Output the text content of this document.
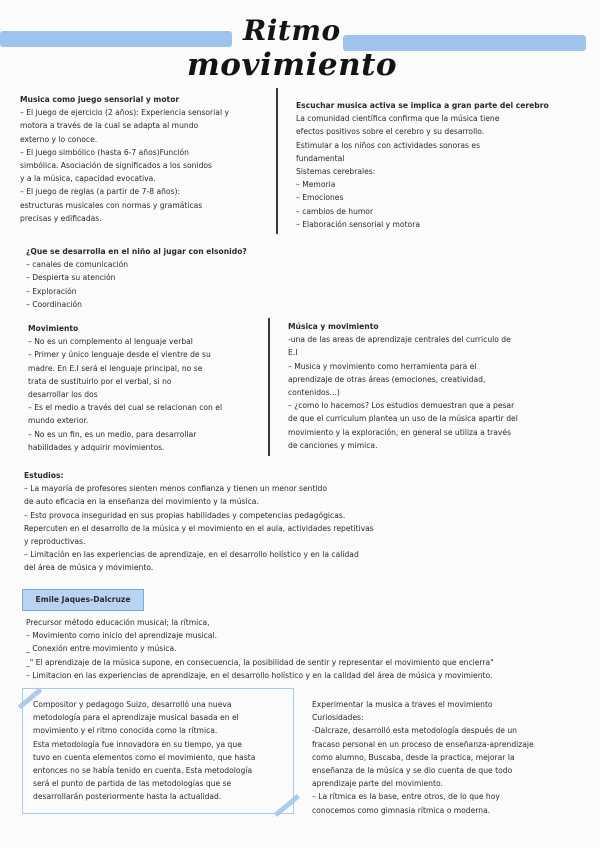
Ritmo
movimiento
Musica como juego sensorial y motor
– El juego de ejercicio (2 años): Experiencia sensorial y
motora a través de la cual se adapta al mundo
externo y lo conoce.
– El juego simbólico (hasta 6-7 años)Función
simbólica. Asociación de significados a los sonidos
y a la música, capacidad evocativa.
– El juego de reglas (a partir de 7-8 años):
estructuras musicales con normas y gramáticas
precisas y edificadas.
Escuchar musica activa se implica a gran parte del cerebro
La comunidad científica confirma que la música tiene
efectos positivos sobre el cerebro y su desarrollo.
Estimular a los niños con actividades sonoras es
fundamental
Sistemas cerebrales:
– Memoria
– Emociones
– cambios de humor
– Elaboración sensorial y motora
¿Que se desarrolla en el niño al jugar con elsonido?
– canales de comunicación
– Despierta su atención
– Exploración
– Coordinación
Movimiento
– No es un complemento al lenguaje verbal
– Primer y único lenguaje desde el vientre de su
madre. En E.I será el lenguaje principal, no se
trata de sustituirlo por el verbal, si no
desarrollar los dos
– Es el medio a través del cual se relacionan con el
mundo exterior.
– No es un fin, es un medio, para desarrollar
habilidades y adquirir movimientos.
Música y movimiento
-una de las areas de aprendizaje centrales del curriculo de
E.I
– Musica y movimiento como herramienta para el
aprendizaje de otras áreas (emociones, creatividad,
contenidos...)
– ¿como lo hacemos? Los estudios demuestran que a pesar
de que el curriculum plantea un uso de la música apartir del
movimiento y la exploración, en general se utiliza a través
de canciones y mimica.
Estudios:
– La mayoría de profesores sienten menos confianza y tienen un menor sentido
de auto eficacia en la enseñanza del movimiento y la música.
– Esto provoca inseguridad en sus propias habilidades y competencias pedagógicas.
Repercuten en el desarrollo de la música y el movimiento en el aula, actividades repetitivas
y reproductivas.
– Limitación en las experiencias de aprendizaje, en el desarrollo holístico y en la calidad
del área de música y movimiento.
Emile Jaques-Dalcruze
Precursor método educación musical; la rítmica,
– Movimiento como inicio del aprendizaje musical.
_ Conexión entre movimiento y música.
_" El aprendizaje de la música supone, en consecuencia, la posibilidad de sentir y representar el movimiento que encierra"
– Limitacion en las experiencias de aprendizaje, en el desarrollo holístico y en la calidad del área de música y movimiento.
Compositor y pedagogo Suizo, desarrolló una nueva
metodología para el aprendizaje musical basada en el
movimiento y el ritmo conocida como la rítmica.
Esta metodología fue innovadora en su tiempo, ya que
tuvo en cuenta elementos como el movimiento, que hasta
entonces no se había tenido en cuenta. Esta metodología
será el punto de partida de las metodologías que se
desarrollarán posteriormente hasta la actualidad.
Experimentar la musica a traves el movimiento
Curiosidades:
-Dalcraze, desarrolló esta metodología después de un
fracaso personal en un proceso de enseñanza-aprendizaje
como alumno, Buscaba, desde la practica, mejorar la
enseñanza de la música y se dio cuenta de que todo
aprendizaje parte del movimiento.
– La rítmica es la base, entre otros, de lo que hoy
conocemos como gimnasia rítmica o moderna.
